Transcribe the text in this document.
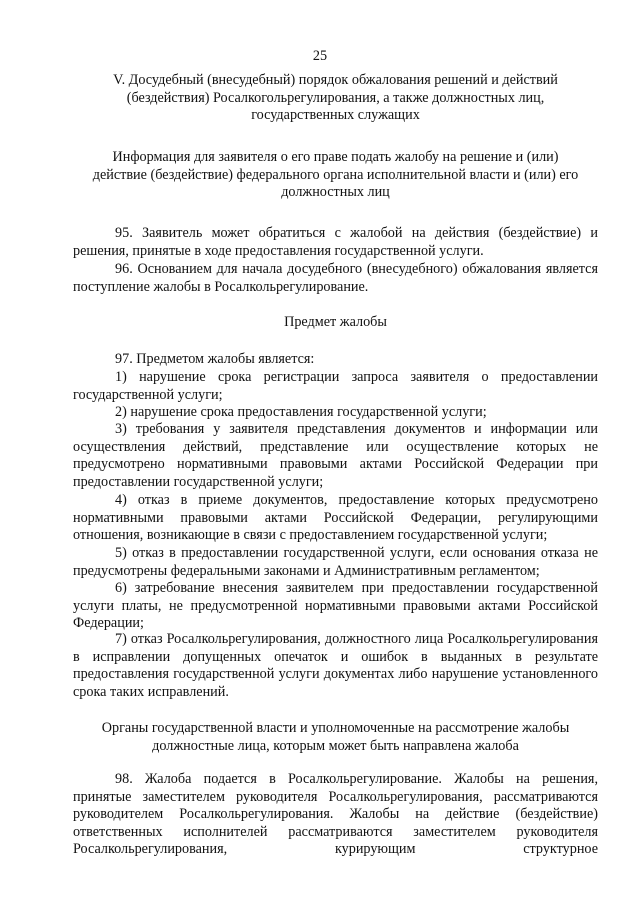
25

V. Досудебный (внесудебный) порядок обжалования решений и действий

(бездействия) Росалкогольрегулирования, а также должностных лиц,

государственных служащих

Информация для заявителя о его праве подать жалобу на решение и (или)

действие (бездействие) федерального органа исполнительной власти и (или) его

должностных лиц

95. Заявитель может обратиться с жалобой на действия (бездействие) и решения, принятые в ходе предоставления государственной услуги.
96. Основанием для начала досудебного (внесудебного) обжалования является поступление жалобы в Росалкольрегулирование.
Предмет жалобы
97. Предметом жалобы является:
1) нарушение срока регистрации запроса заявителя о предоставлении государственной услуги;
2) нарушение срока предоставления государственной услуги;
3) требования у заявителя представления документов и информации или осуществления действий, представление или осуществление которых не предусмотрено нормативными правовыми актами Российской Федерации при предоставлении государственной услуги;
4) отказ в приеме документов, предоставление которых предусмотрено нормативными правовыми актами Российской Федерации, регулирующими отношения, возникающие в связи с предоставлением государственной услуги;
5) отказ в предоставлении государственной услуги, если основания отказа не предусмотрены федеральными законами и Административным регламентом;
6) затребование внесения заявителем при предоставлении государственной услуги платы, не предусмотренной нормативными правовыми актами Российской Федерации;
7) отказ Росалкольрегулирования, должностного лица Росалкольрегулирования в исправлении допущенных опечаток и ошибок в выданных в результате предоставления государственной услуги документах либо нарушение установленного срока таких исправлений.

Органы государственной власти и уполномоченные на рассмотрение жалобы

должностные лица, которым может быть направлена жалоба

98. Жалоба подается в Росалкольрегулирование. Жалобы на решения, принятые заместителем руководителя Росалкольрегулирования, рассматриваются руководителем Росалкольрегулирования. Жалобы на действие (бездействие) ответственных исполнителей рассматриваются заместителем руководителя Росалкольрегулирования, курирующим структурное
